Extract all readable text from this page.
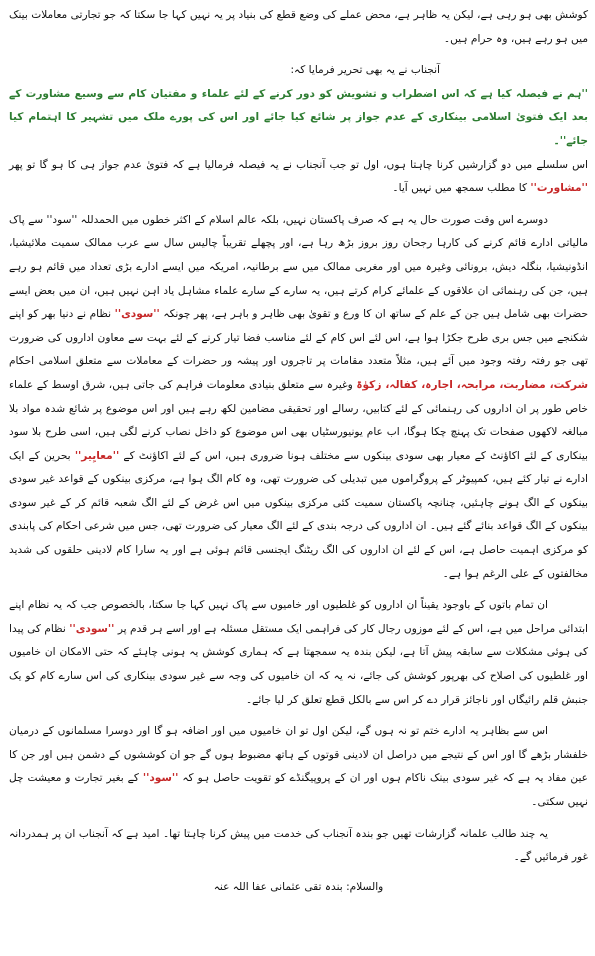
کوشش بھی ہو رہی ہے، لیکن یہ ظاہر ہے، محض عملے کی وضع قطع کی بنیاد پر یہ نہیں کہا جا سکتا کہ جو تجارتی معاملات بینک میں ہو رہے ہیں، وہ حرام ہیں۔

آنجناب نے یہ بھی تحریر فرمایا کہ:

''ہم نے فیصلہ کیا ہے کہ اس اضطراب و تشویش کو دور کرنے کے لئے علماء و مفتیان کام سے وسیع مشاورت کے بعد ایک فتویٰ اسلامی بینکاری کے عدم جواز پر شائع کیا جائے اور اس کی پورے ملک میں تشہیر کا اہتمام کیا جائے''۔

اس سلسلے میں دو گزارشیں کرنا چاہتا ہوں، اول تو جب آنجناب نے یہ فیصلہ فرمالیا ہے کہ فتویٰ عدم جواز ہی کا ہو گا تو پھر ''مشاورت'' کا مطلب سمجھ میں نہیں آیا۔

دوسرے اس وقت صورت حال یہ ہے کہ صرف پاکستان نہیں، بلکہ عالم اسلام کے اکثر خطوں میں الحمدللہ ''سود'' سے پاک مالیاتی ادارے قائم کرنے کی کارہا رجحان روز بروز بڑھ رہا ہے، اور پچھلے تقریباً چالیس سال سے عرب ممالک سمیت ملائیشیا، انڈونیشیا، بنگلہ دیش، برونائی وغیرہ میں اور مغربی ممالک میں سے برطانیہ، امریکہ میں ایسے ادارے بڑی تعداد میں قائم ہو رہے ہیں، جن کی رہنمائی ان علاقوں کے علمائے کرام کرتے ہیں، یہ سارے کے سارے علماء مشاہل یاد اہن نہیں ہیں، ان میں بعض ایسے حضرات بھی شامل ہیں جن کے علم کے ساتھ ان کا ورع و تقویٰ بھی ظاہر و باہر ہے، پھر چونکہ ''سودی'' نظام نے دنیا بھر کو اپنے شکنجے میں جس بری طرح جکڑا ہوا ہے، اس لئے اس کام کے لئے مناسب فضا تیار کرنے کے لئے بہت سے معاون اداروں کی ضرورت تھی جو رفتہ رفتہ وجود میں آئے ہیں، مثلاً متعدد مقامات پر تاجروں اور پیشہ ور حضرات کے معاملات سے متعلق اسلامی احکام شرکت، مضاربت، مرابحہ، اجارہ، کفالہ، زکوٰۃ وغیرہ سے متعلق بنیادی معلومات فراہم کی جاتی ہیں، شرق اوسط کے علماء خاص طور پر ان اداروں کی رہنمائی کے لئے کتابیں، رسالے اور تحقیقی مضامین لکھ رہے ہیں اور اس موضوع پر شائع شدہ مواد بلا مبالغہ لاکھوں صفحات تک پہنچ چکا ہوگا، اب عام یونیورسٹیاں بھی اس موضوع کو داخل نصاب کرنے لگی ہیں، اسی طرح بلا سود بینکاری کے لئے اکاؤنٹ کے معیار بھی سودی بینکوں سے مختلف ہونا ضروری ہیں، اس کے لئے اکاؤنٹ کے ''معایِیر'' بحرین کے ایک ادارے نے تیار کئے ہیں، کمپیوٹر کے پروگراموں میں تبدیلی کی ضرورت تھی، وہ کام الگ ہوا ہے، مرکزی بینکوں کے قواعد غیر سودی بینکوں کے الگ ہونے چاہئیں، چنانچہ پاکستان سمیت کئی مرکزی بینکوں میں اس غرض کے لئے الگ شعبہ قائم کر کے غیر سودی بینکوں کے الگ قواعد بنائے گئے ہیں۔ ان اداروں کی درجہ بندی کے لئے الگ معیار کی ضرورت تھی، جس میں شرعی احکام کی پابندی کو مرکزی اہمیت حاصل ہے، اس کے لئے ان اداروں کی الگ ریٹنگ ایجنسی قائم ہوئی ہے اور یہ سارا کام لادینی حلقوں کی شدید مخالفتوں کے علی الرغم ہوا ہے۔

ان تمام باتوں کے باوجود یقیناً ان اداروں کو غلطیوں اور خامیوں سے پاک نہیں کہا جا سکتا، بالخصوص جب کہ یہ نظام اپنے ابتدائی مراحل میں ہے، اس کے لئے موزوں رجال کار کی فراہمی ایک مستقل مسئلہ ہے اور اسے ہر قدم پر ''سودی'' نظام کی پیدا کی ہوئی مشکلات سے سابقہ پیش آتا ہے، لیکن بندہ یہ سمجھتا ہے کہ ہماری کوشش یہ ہونی چاہئے کہ حتی الامکان ان خامیوں اور غلطیوں کی اصلاح کی بھرپور کوشش کی جائے، نہ یہ کہ ان خامیوں کی وجہ سے غیر سودی بینکاری کی اس سارے کام کو یک جنبش قلم رائیگاں اور ناجائز قرار دے کر اس سے بالکل قطع تعلق کر لیا جائے۔

اس سے بظاہر یہ ادارے ختم تو نہ ہوں گے، لیکن اول تو ان خامیوں میں اور اضافہ ہو گا اور دوسرا مسلمانوں کے درمیان خلفشار بڑھے گا اور اس کے نتیجے میں دراصل ان لادینی قوتوں کے ہاتھ مضبوط ہوں گے جو ان کوششوں کے دشمن ہیں اور جن کا عین مفاد یہ ہے کہ غیر سودی بینک ناکام ہوں اور ان کے پروپیگنڈے کو تقویت حاصل ہو کہ ''سود'' کے بغیر تجارت و معیشت چل نہیں سکتی۔

یہ چند طالب علمانہ گزارشات تھیں جو بندہ آنجناب کی خدمت میں پیش کرنا چاہتا تھا۔ امید ہے کہ آنجناب ان پر ہمدردانہ غور فرمائیں گے۔

والسلام: بندہ تقی عثمانی عفا اللہ عنہ
